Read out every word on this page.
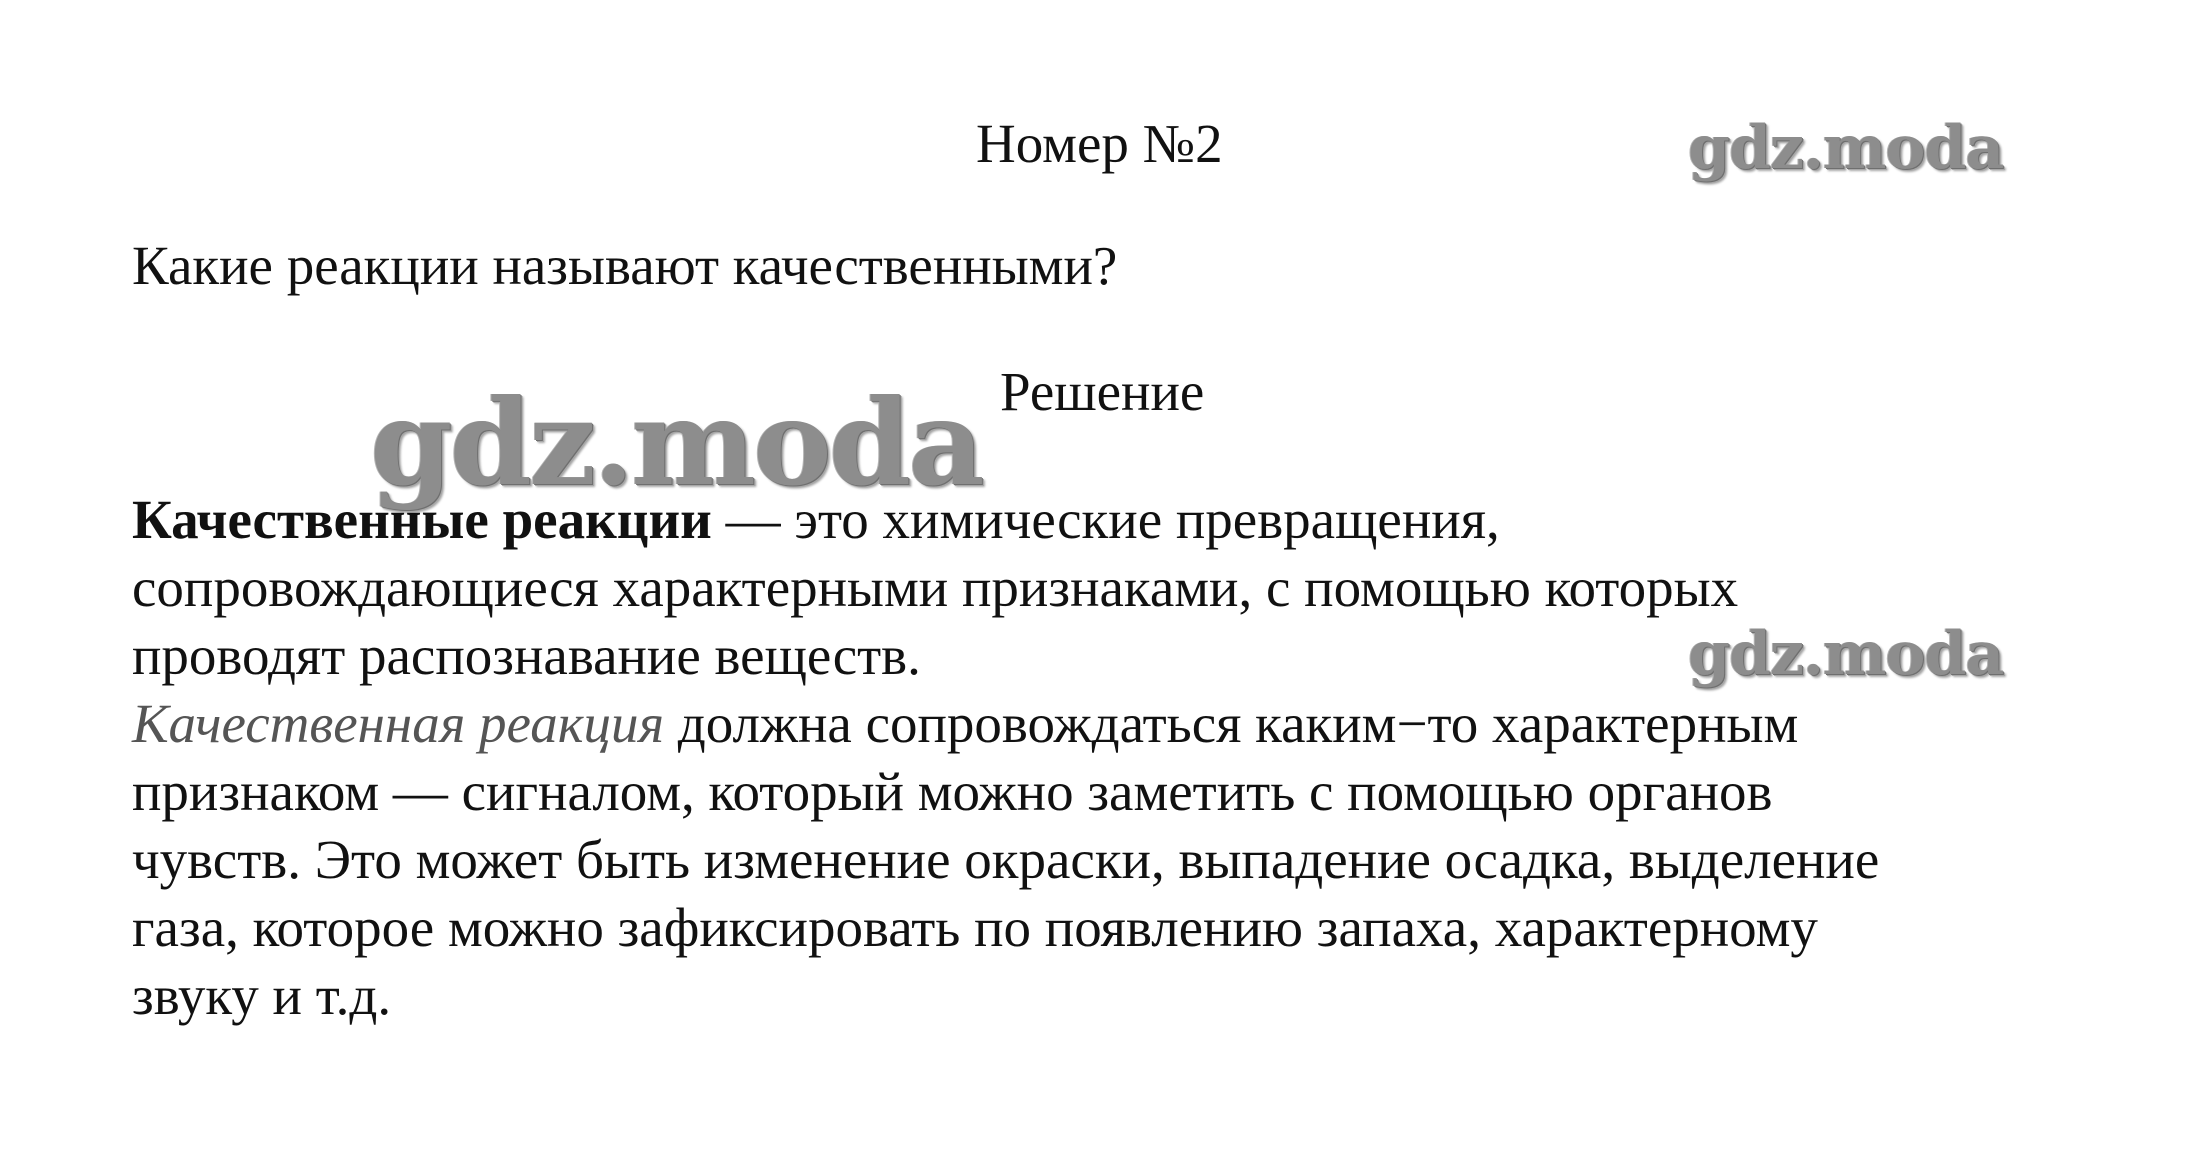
Номер №2
Какие реакции называют качественными?
Решение
Качественные реакции — это химические превращения,
сопровождающиеся характерными признаками, с помощью которых
проводят распознавание веществ.
Качественная реакция должна сопровождаться каким−то характерным
признаком — сигналом, который можно заметить с помощью органов
чувств. Это может быть изменение окраски, выпадение осадка, выделение
газа, которое можно зафиксировать по появлению запаха, характерному
звуку и т.д.
gdz.moda
gdz.moda
gdz.moda
